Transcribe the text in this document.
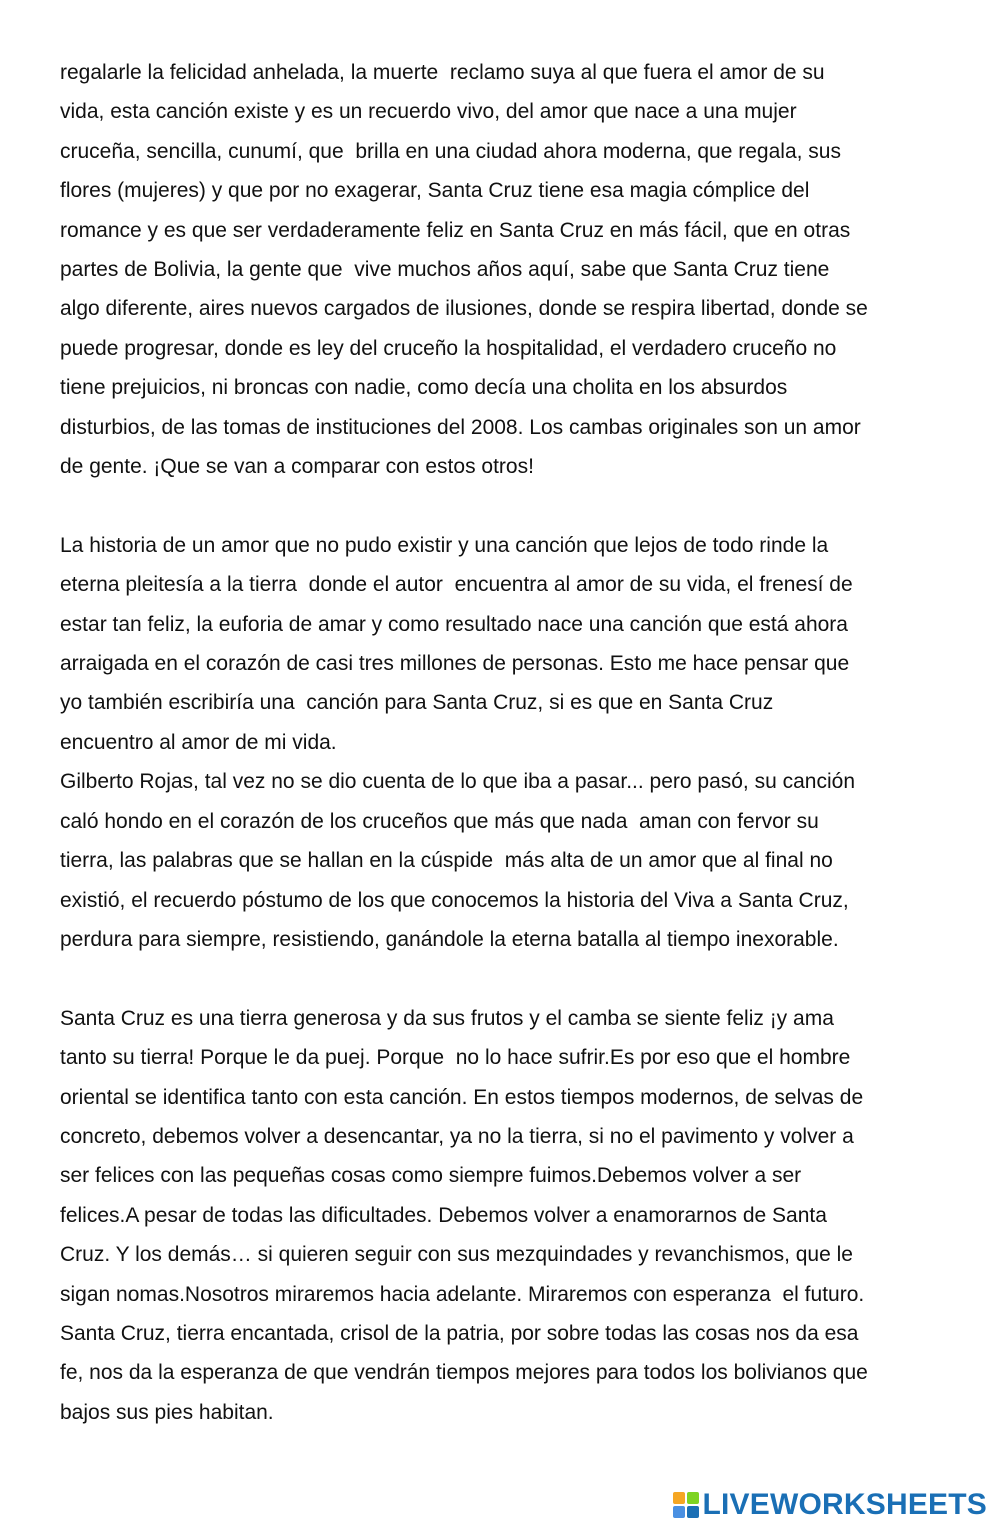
regalarle la felicidad anhelada, la muerte  reclamo suya al que fuera el amor de su
vida, esta canción existe y es un recuerdo vivo, del amor que nace a una mujer
cruceña, sencilla, cunumí, que  brilla en una ciudad ahora moderna, que regala, sus
flores (mujeres) y que por no exagerar, Santa Cruz tiene esa magia cómplice del
romance y es que ser verdaderamente feliz en Santa Cruz en más fácil, que en otras
partes de Bolivia, la gente que  vive muchos años aquí, sabe que Santa Cruz tiene
algo diferente, aires nuevos cargados de ilusiones, donde se respira libertad, donde se
puede progresar, donde es ley del cruceño la hospitalidad, el verdadero cruceño no
tiene prejuicios, ni broncas con nadie, como decía una cholita en los absurdos
disturbios, de las tomas de instituciones del 2008. Los cambas originales son un amor
de gente. ¡Que se van a comparar con estos otros!

La historia de un amor que no pudo existir y una canción que lejos de todo rinde la
eterna pleitesía a la tierra  donde el autor  encuentra al amor de su vida, el frenesí de
estar tan feliz, la euforia de amar y como resultado nace una canción que está ahora
arraigada en el corazón de casi tres millones de personas. Esto me hace pensar que
yo también escribiría una  canción para Santa Cruz, si es que en Santa Cruz
encuentro al amor de mi vida.

Gilberto Rojas, tal vez no se dio cuenta de lo que iba a pasar... pero pasó, su canción
caló hondo en el corazón de los cruceños que más que nada  aman con fervor su
tierra, las palabras que se hallan en la cúspide  más alta de un amor que al final no
existió, el recuerdo póstumo de los que conocemos la historia del Viva a Santa Cruz,
perdura para siempre, resistiendo, ganándole la eterna batalla al tiempo inexorable.

Santa Cruz es una tierra generosa y da sus frutos y el camba se siente feliz ¡y ama
tanto su tierra! Porque le da puej. Porque  no lo hace sufrir.Es por eso que el hombre
oriental se identifica tanto con esta canción. En estos tiempos modernos, de selvas de
concreto, debemos volver a desencantar, ya no la tierra, si no el pavimento y volver a
ser felices con las pequeñas cosas como siempre fuimos.Debemos volver a ser
felices.A pesar de todas las dificultades. Debemos volver a enamorarnos de Santa
Cruz. Y los demás… si quieren seguir con sus mezquindades y revanchismos, que le
sigan nomas.Nosotros miraremos hacia adelante. Miraremos con esperanza  el futuro.
Santa Cruz, tierra encantada, crisol de la patria, por sobre todas las cosas nos da esa
fe, nos da la esperanza de que vendrán tiempos mejores para todos los bolivianos que
bajos sus pies habitan.

LIVEWORKSHEETS
